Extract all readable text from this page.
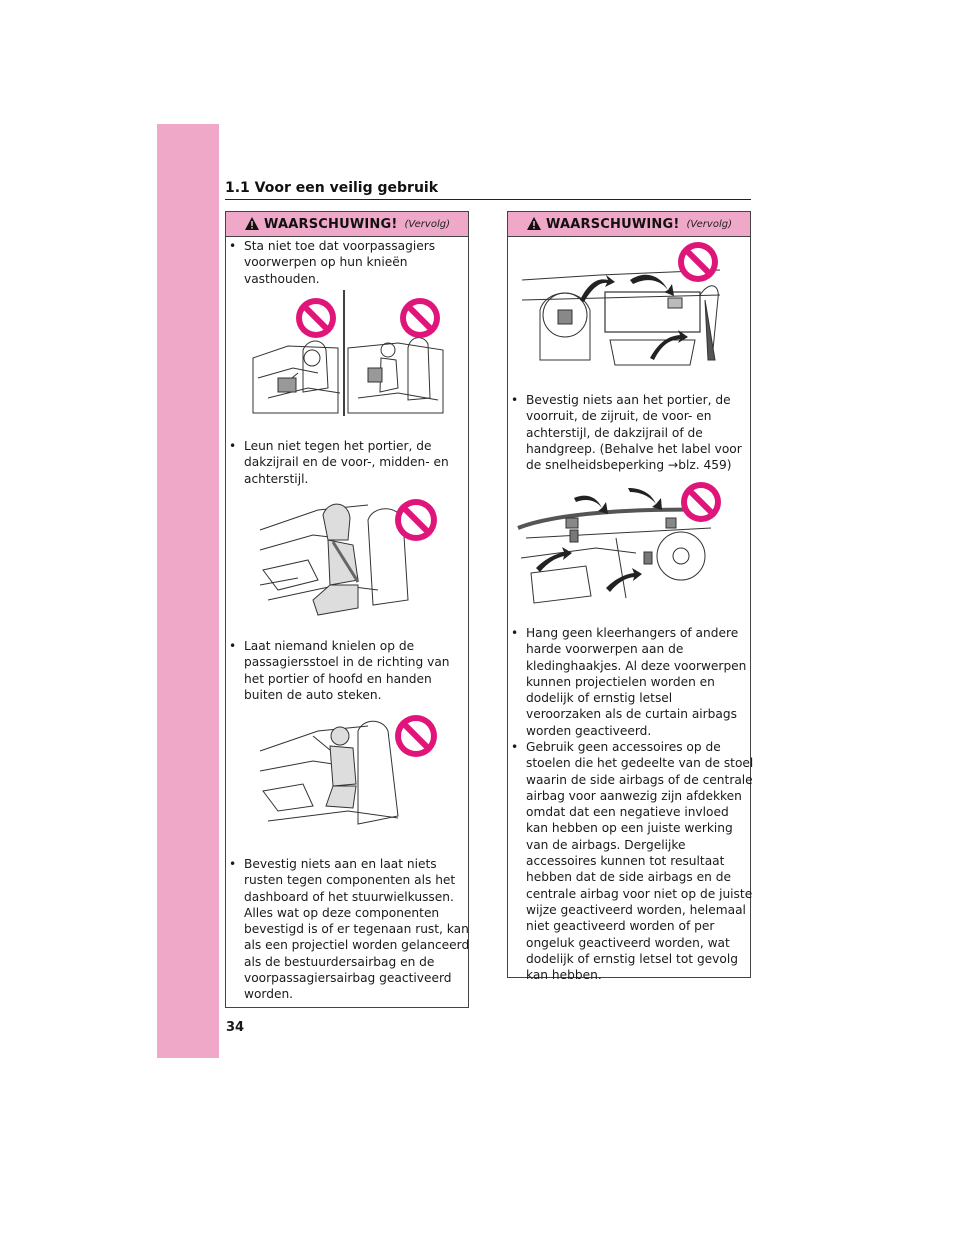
1.1 Voor een veilig gebruik
WAARSCHUWING! (Vervolg)
• Sta niet toe dat voorpassagiers
voorwerpen op hun knieën
vasthouden.
• Leun niet tegen het portier, de
dakzijrail en de voor-, midden- en
achterstijl.
• Laat niemand knielen op de
passagiersstoel in de richting van
het portier of hoofd en handen
buiten de auto steken.
• Bevestig niets aan en laat niets
rusten tegen componenten als het
dashboard of het stuurwielkussen.
Alles wat op deze componenten
bevestigd is of er tegenaan rust, kan
als een projectiel worden gelanceerd
als de bestuurdersairbag en de
voorpassagiersairbag geactiveerd
worden.
WAARSCHUWING! (Vervolg)
• Bevestig niets aan het portier, de
voorruit, de zijruit, de voor- en
achterstijl, de dakzijrail of de
handgreep. (Behalve het label voor
de snelheidsbeperking →blz. 459)
• Hang geen kleerhangers of andere
harde voorwerpen aan de
kledinghaakjes. Al deze voorwerpen
kunnen projectielen worden en
dodelijk of ernstig letsel
veroorzaken als de curtain airbags
worden geactiveerd.
• Gebruik geen accessoires op de
stoelen die het gedeelte van de stoel
waarin de side airbags of de centrale
airbag voor aanwezig zijn afdekken
omdat dat een negatieve invloed
kan hebben op een juiste werking
van de airbags. Dergelijke
accessoires kunnen tot resultaat
hebben dat de side airbags en de
centrale airbag voor niet op de juiste
wijze geactiveerd worden, helemaal
niet geactiveerd worden of per
ongeluk geactiveerd worden, wat
dodelijk of ernstig letsel tot gevolg
kan hebben.
34
